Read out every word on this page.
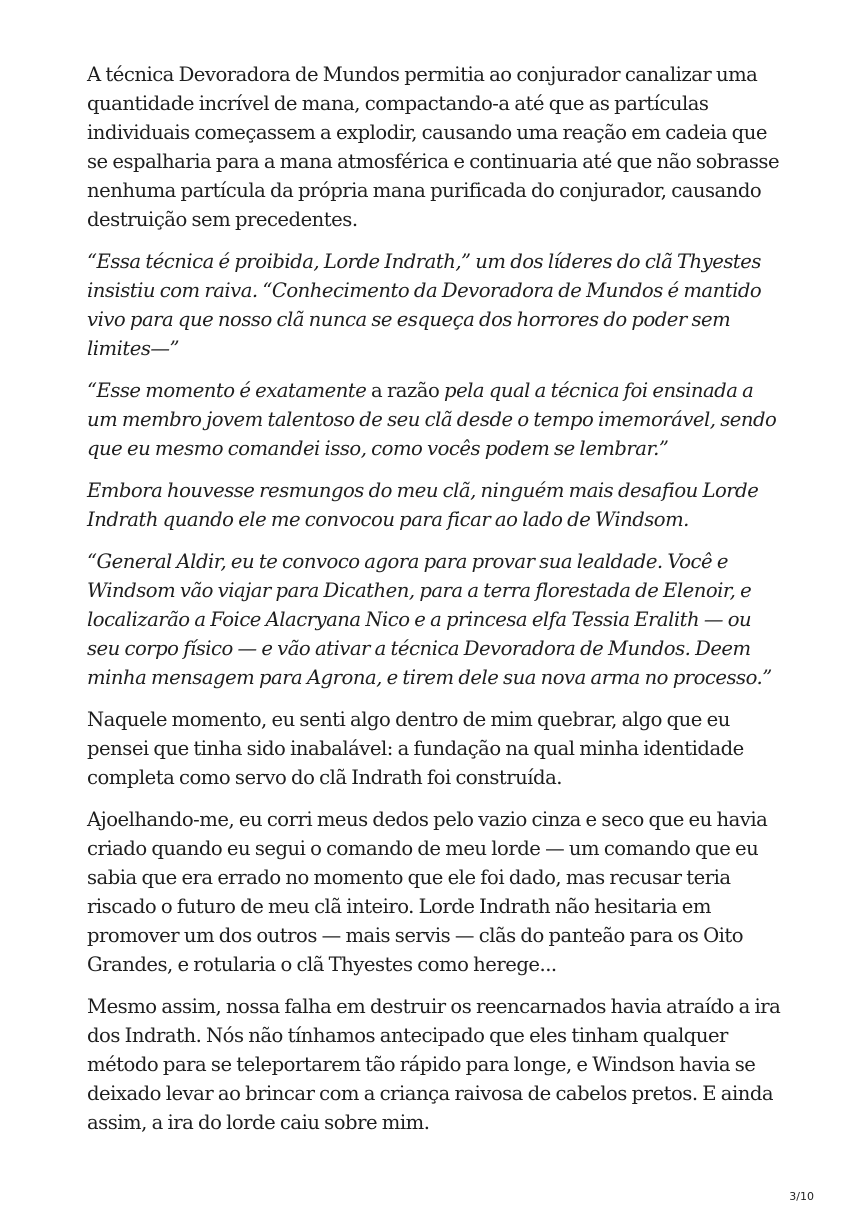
A técnica Devoradora de Mundos permitia ao conjurador canalizar uma quantidade incrível de mana, compactando-a até que as partículas individuais começassem a explodir, causando uma reação em cadeia que se espalharia para a mana atmosférica e continuaria até que não sobrasse nenhuma partícula da própria mana purificada do conjurador, causando destruição sem precedentes.

“Essa técnica é proibida, Lorde Indrath,” um dos líderes do clã Thyestes insistiu com raiva. “Conhecimento da Devoradora de Mundos é mantido vivo para que nosso clã nunca se esqueça dos horrores do poder sem limites—”

“Esse momento é exatamente a razão pela qual a técnica foi ensinada a um membro jovem talentoso de seu clã desde o tempo imemorável, sendo que eu mesmo comandei isso, como vocês podem se lembrar.”

Embora houvesse resmungos do meu clã, ninguém mais desafiou Lorde Indrath quando ele me convocou para ficar ao lado de Windsom.

“General Aldir, eu te convoco agora para provar sua lealdade. Você e Windsom vão viajar para Dicathen, para a terra florestada de Elenoir, e localizarão a Foice Alacryana Nico e a princesa elfa Tessia Eralith — ou seu corpo físico — e vão ativar a técnica Devoradora de Mundos. Deem minha mensagem para Agrona, e tirem dele sua nova arma no processo.”

Naquele momento, eu senti algo dentro de mim quebrar, algo que eu pensei que tinha sido inabalável: a fundação na qual minha identidade completa como servo do clã Indrath foi construída.

Ajoelhando-me, eu corri meus dedos pelo vazio cinza e seco que eu havia criado quando eu segui o comando de meu lorde — um comando que eu sabia que era errado no momento que ele foi dado, mas recusar teria riscado o futuro de meu clã inteiro. Lorde Indrath não hesitaria em promover um dos outros — mais servis — clãs do panteão para os Oito Grandes, e rotularia o clã Thyestes como herege...

Mesmo assim, nossa falha em destruir os reencarnados havia atraído a ira dos Indrath. Nós não tínhamos antecipado que eles tinham qualquer método para se teleportarem tão rápido para longe, e Windson havia se deixado levar ao brincar com a criança raivosa de cabelos pretos. E ainda assim, a ira do lorde caiu sobre mim.

3/10
